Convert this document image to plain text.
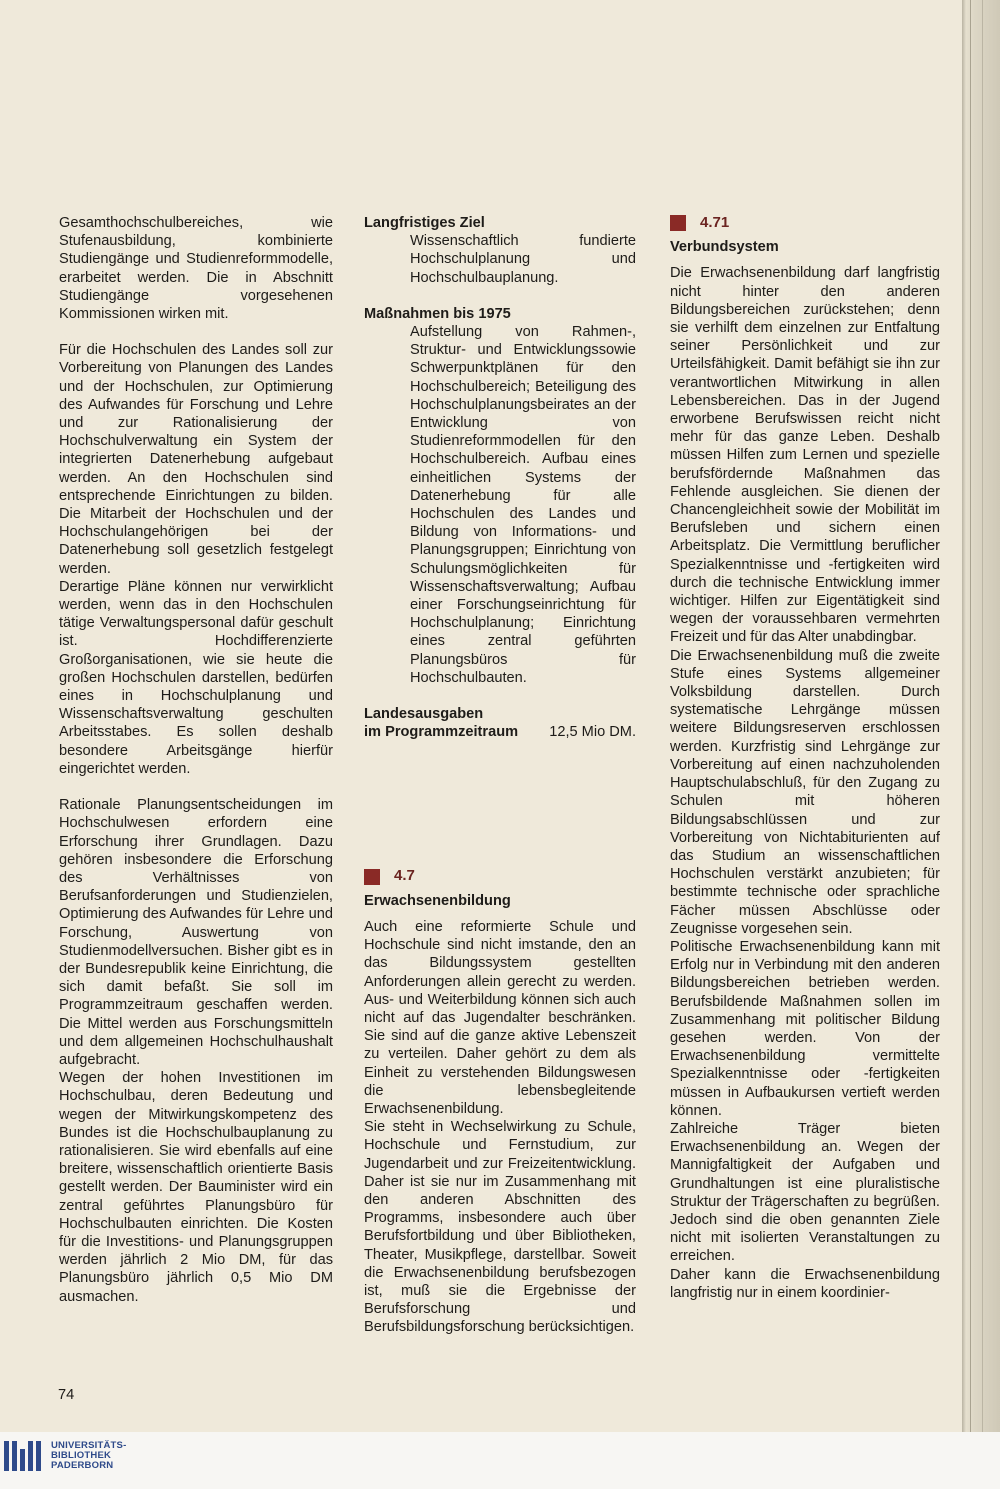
Gesamthochschulbereiches, wie Stufenausbildung, kombinierte Studiengänge und Studienreformmodelle, erarbeitet werden. Die in Abschnitt Studiengänge vorgesehenen Kommissionen wirken mit.

Für die Hochschulen des Landes soll zur Vorbereitung von Planungen des Landes und der Hochschulen, zur Optimierung des Aufwandes für Forschung und Lehre und zur Rationalisierung der Hochschulverwaltung ein System der integrierten Datenerhebung aufgebaut werden. An den Hochschulen sind entsprechende Einrichtungen zu bilden. Die Mitarbeit der Hochschulen und der Hochschulangehörigen bei der Datenerhebung soll gesetzlich festgelegt werden.

Derartige Pläne können nur verwirklicht werden, wenn das in den Hochschulen tätige Verwaltungspersonal dafür geschult ist. Hochdifferenzierte Großorganisationen, wie sie heute die großen Hochschulen darstellen, bedürfen eines in Hochschulplanung und Wissenschaftsverwaltung geschulten Arbeitsstabes. Es sollen deshalb besondere Arbeitsgänge hierfür eingerichtet werden.

Rationale Planungsentscheidungen im Hochschulwesen erfordern eine Erforschung ihrer Grundlagen. Dazu gehören insbesondere die Erforschung des Verhältnisses von Berufsanforderungen und Studienzielen, Optimierung des Aufwandes für Lehre und Forschung, Auswertung von Studienmodellversuchen. Bisher gibt es in der Bundesrepublik keine Einrichtung, die sich damit befaßt. Sie soll im Programmzeitraum geschaffen werden. Die Mittel werden aus Forschungsmitteln und dem allgemeinen Hochschulhaushalt aufgebracht.

Wegen der hohen Investitionen im Hochschulbau, deren Bedeutung und wegen der Mitwirkungskompetenz des Bundes ist die Hochschulbauplanung zu rationalisieren. Sie wird ebenfalls auf eine breitere, wissenschaftlich orientierte Basis gestellt werden. Der Bauminister wird ein zentral geführtes Planungsbüro für Hochschulbauten einrichten. Die Kosten für die Investitions- und Planungsgruppen werden jährlich 2 Mio DM, für das Planungsbüro jährlich 0,5 Mio DM ausmachen.

Langfristiges Ziel

Wissenschaftlich fundierte Hochschulplanung und Hochschulbauplanung.

Maßnahmen bis 1975

Aufstellung von Rahmen-, Struktur- und Entwicklungssowie Schwerpunktplänen für den Hochschulbereich; Beteiligung des Hochschulplanungsbeirates an der Entwicklung von Studienreformmodellen für den Hochschulbereich. Aufbau eines einheitlichen Systems der Datenerhebung für alle Hochschulen des Landes und Bildung von Informations- und Planungsgruppen; Einrichtung von Schulungsmöglichkeiten für Wissenschaftsverwaltung; Aufbau einer Forschungseinrichtung für Hochschulplanung; Einrichtung eines zentral geführten Planungsbüros für Hochschulbauten.

Landesausgaben

im Programmzeitraum 12,5 Mio DM.
4.7

Erwachsenenbildung

Auch eine reformierte Schule und Hochschule sind nicht imstande, den an das Bildungssystem gestellten Anforderungen allein gerecht zu werden. Aus- und Weiterbildung können sich auch nicht auf das Jugendalter beschränken. Sie sind auf die ganze aktive Lebenszeit zu verteilen. Daher gehört zu dem als Einheit zu verstehenden Bildungswesen die lebensbegleitende Erwachsenenbildung.

Sie steht in Wechselwirkung zu Schule, Hochschule und Fernstudium, zur Jugendarbeit und zur Freizeitentwicklung. Daher ist sie nur im Zusammenhang mit den anderen Abschnitten des Programms, insbesondere auch über Berufsfortbildung und über Bibliotheken, Theater, Musikpflege, darstellbar. Soweit die Erwachsenenbildung berufsbezogen ist, muß sie die Ergebnisse der Berufsforschung und Berufsbildungsforschung berücksichtigen.

4.71

Verbundsystem

Die Erwachsenenbildung darf langfristig nicht hinter den anderen Bildungsbereichen zurückstehen; denn sie verhilft dem einzelnen zur Entfaltung seiner Persönlichkeit und zur Urteilsfähigkeit. Damit befähigt sie ihn zur verantwortlichen Mitwirkung in allen Lebensbereichen. Das in der Jugend erworbene Berufswissen reicht nicht mehr für das ganze Leben. Deshalb müssen Hilfen zum Lernen und spezielle berufsfördernde Maßnahmen das Fehlende ausgleichen. Sie dienen der Chancengleichheit sowie der Mobilität im Berufsleben und sichern einen Arbeitsplatz. Die Vermittlung beruflicher Spezialkenntnisse und -fertigkeiten wird durch die technische Entwicklung immer wichtiger. Hilfen zur Eigentätigkeit sind wegen der voraussehbaren vermehrten Freizeit und für das Alter unabdingbar.

Die Erwachsenenbildung muß die zweite Stufe eines Systems allgemeiner Volksbildung darstellen. Durch systematische Lehrgänge müssen weitere Bildungsreserven erschlossen werden. Kurzfristig sind Lehrgänge zur Vorbereitung auf einen nachzuholenden Hauptschulabschluß, für den Zugang zu Schulen mit höheren Bildungsabschlüssen und zur Vorbereitung von Nichtabiturienten auf das Studium an wissenschaftlichen Hochschulen verstärkt anzubieten; für bestimmte technische oder sprachliche Fächer müssen Abschlüsse oder Zeugnisse vorgesehen sein.

Politische Erwachsenenbildung kann mit Erfolg nur in Verbindung mit den anderen Bildungsbereichen betrieben werden. Berufsbildende Maßnahmen sollen im Zusammenhang mit politischer Bildung gesehen werden. Von der Erwachsenenbildung vermittelte Spezialkenntnisse oder -fertigkeiten müssen in Aufbaukursen vertieft werden können.

Zahlreiche Träger bieten Erwachsenenbildung an. Wegen der Mannigfaltigkeit der Aufgaben und Grundhaltungen ist eine pluralistische Struktur der Trägerschaften zu begrüßen. Jedoch sind die oben genannten Ziele nicht mit isolierten Veranstaltungen zu erreichen.

Daher kann die Erwachsenenbildung langfristig nur in einem koordinier-

74
UNIVERSITÄTS-
BIBLIOTHEK
PADERBORN
